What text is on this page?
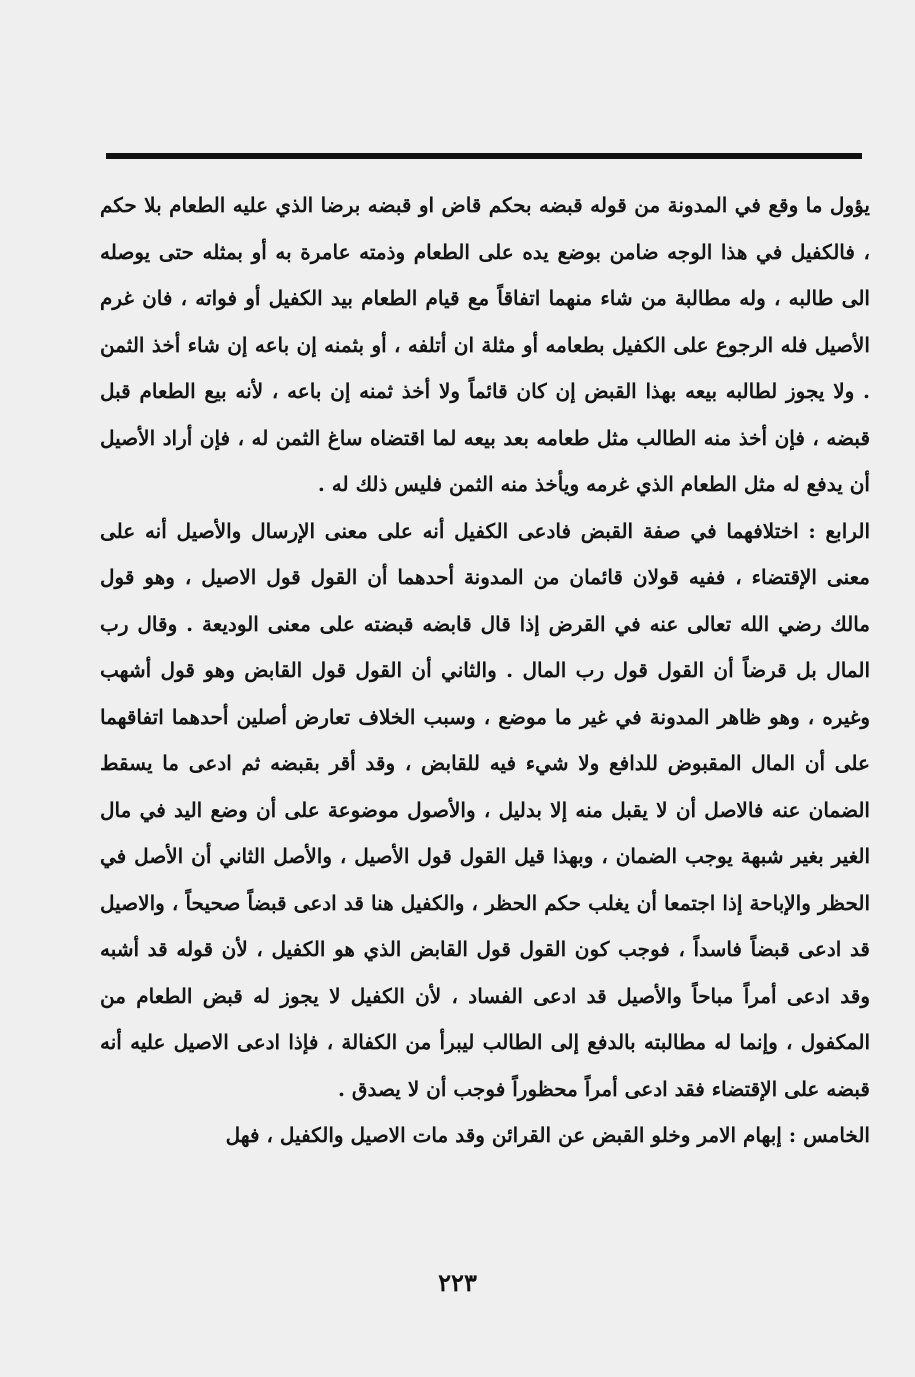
يؤول ما وقع في المدونة من قوله قبضه بحكم قاض او قبضه برضا الذي عليه الطعام بلا حكم ، فالكفيل في هذا الوجه ضامن بوضع يده على الطعام وذمته عامرة به أو بمثله حتى يوصله الى طالبه ، وله مطالبة من شاء منهما اتفاقاً مع قيام الطعام بيد الكفيل أو فواته ، فان غرم الأصيل فله الرجوع على الكفيل بطعامه أو مثلة ان أتلفه ، أو بثمنه إن باعه إن شاء أخذ الثمن . ولا يجوز لطالبه بيعه بهذا القبض إن كان قائماً ولا أخذ ثمنه إن باعه ، لأنه بيع الطعام قبل قبضه ، فإن أخذ منه الطالب مثل طعامه بعد بيعه لما اقتضاه ساغ الثمن له ، فإن أراد الأصيل أن يدفع له مثل الطعام الذي غرمه ويأخذ منه الثمن فليس ذلك له .

الرابع : اختلافهما في صفة القبض فادعى الكفيل أنه على معنى الإرسال والأصيل أنه على معنى الإقتضاء ، ففيه قولان قائمان من المدونة أحدهما أن القول قول الاصيل ، وهو قول مالك رضي الله تعالى عنه في القرض إذا قال قابضه قبضته على معنى الوديعة . وقال رب المال بل قرضاً أن القول قول رب المال . والثاني أن القول قول القابض وهو قول أشهب وغيره ، وهو ظاهر المدونة في غير ما موضع ، وسبب الخلاف تعارض أصلين أحدهما اتفاقهما على أن المال المقبوض للدافع ولا شيء فيه للقابض ، وقد أقر بقبضه ثم ادعى ما يسقط الضمان عنه فالاصل أن لا يقبل منه إلا بدليل ، والأصول موضوعة على أن وضع اليد في مال الغير بغير شبهة يوجب الضمان ، وبهذا قيل القول قول الأصيل ، والأصل الثاني أن الأصل في الحظر والإباحة إذا اجتمعا أن يغلب حكم الحظر ، والكفيل هنا قد ادعى قبضاً صحيحاً ، والاصيل قد ادعى قبضاً فاسداً ، فوجب كون القول قول القابض الذي هو الكفيل ، لأن قوله قد أشبه وقد ادعى أمراً مباحاً والأصيل قد ادعى الفساد ، لأن الكفيل لا يجوز له قبض الطعام من المكفول ، وإنما له مطالبته بالدفع إلى الطالب ليبرأ من الكفالة ، فإذا ادعى الاصيل عليه أنه قبضه على الإقتضاء فقد ادعى أمراً محظوراً فوجب أن لا يصدق .

الخامس : إبهام الامر وخلو القبض عن القرائن وقد مات الاصيل والكفيل ، فهل

٢٢٣
